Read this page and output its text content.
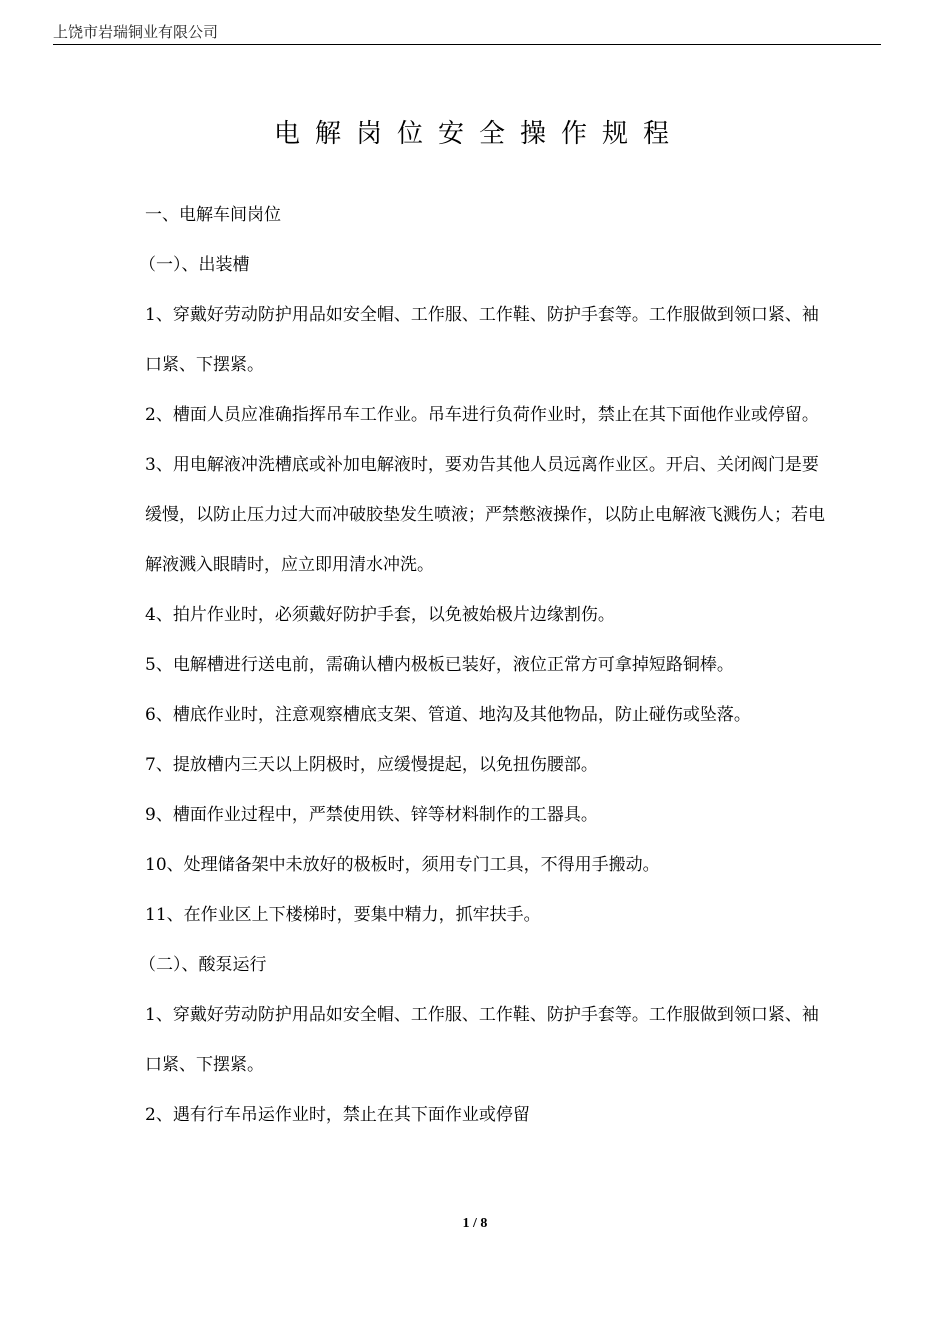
上饶市岩瑞铜业有限公司
电解岗位安全操作规程

一、电解车间岗位

（一）、出装槽

1、穿戴好劳动防护用品如安全帽、工作服、工作鞋、防护手套等。工作服做到领口紧、袖口紧、下摆紧。

2、槽面人员应准确指挥吊车工作业。吊车进行负荷作业时，禁止在其下面他作业或停留。

3、用电解液冲洗槽底或补加电解液时，要劝告其他人员远离作业区。开启、关闭阀门是要缓慢，以防止压力过大而冲破胶垫发生喷液；严禁憋液操作，以防止电解液飞溅伤人；若电解液溅入眼睛时，应立即用清水冲洗。

4、拍片作业时，必须戴好防护手套，以免被始极片边缘割伤。

5、电解槽进行送电前，需确认槽内极板已装好，液位正常方可拿掉短路铜棒。

6、槽底作业时，注意观察槽底支架、管道、地沟及其他物品，防止碰伤或坠落。

7、提放槽内三天以上阴极时，应缓慢提起，以免扭伤腰部。

9、槽面作业过程中，严禁使用铁、锌等材料制作的工器具。

10、处理储备架中未放好的极板时，须用专门工具，不得用手搬动。

11、在作业区上下楼梯时，要集中精力，抓牢扶手。

（二）、酸泵运行

1、穿戴好劳动防护用品如安全帽、工作服、工作鞋、防护手套等。工作服做到领口紧、袖口紧、下摆紧。

2、遇有行车吊运作业时，禁止在其下面作业或停留

1 / 8
